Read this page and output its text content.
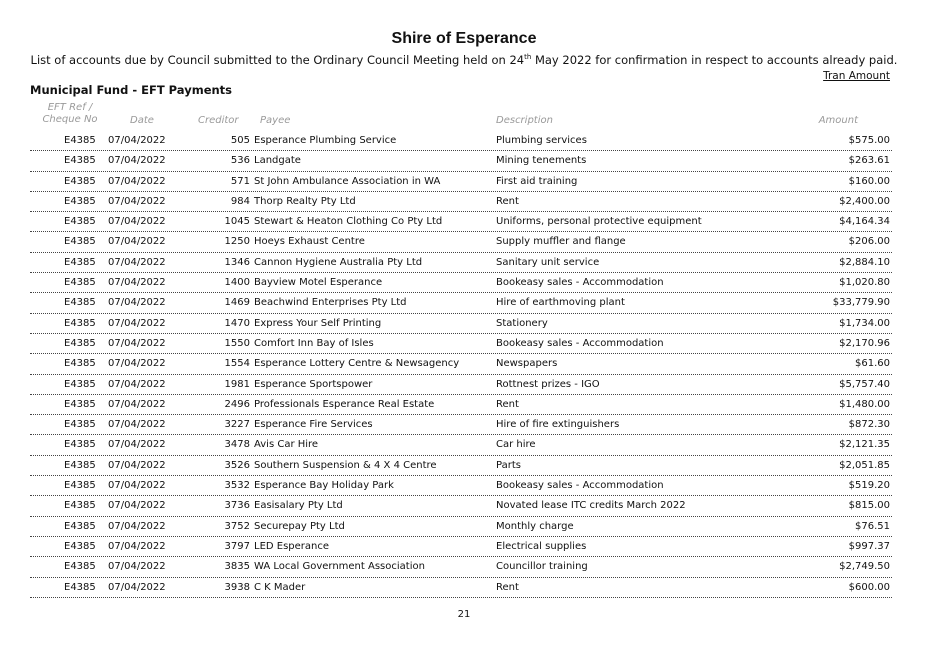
Shire of Esperance
List of accounts due by Council submitted to the Ordinary Council Meeting held on 24th May 2022 for confirmation in respect to accounts already paid.
Tran Amount
Municipal Fund - EFT Payments
EFT Ref / Cheque No	Date	Creditor Payee	Description	Amount
E4385 07/04/2022	505 Esperance Plumbing Service	Plumbing services	$575.00
E4385 07/04/2022	536 Landgate	Mining tenements	$263.61
E4385 07/04/2022	571 St John Ambulance Association in WA	First aid training	$160.00
E4385 07/04/2022	984 Thorp Realty Pty Ltd	Rent	$2,400.00
E4385 07/04/2022	1045 Stewart & Heaton Clothing Co Pty Ltd	Uniforms, personal protective equipment	$4,164.34
E4385 07/04/2022	1250 Hoeys Exhaust Centre	Supply muffler and flange	$206.00
E4385 07/04/2022	1346 Cannon Hygiene Australia Pty Ltd	Sanitary unit service	$2,884.10
E4385 07/04/2022	1400 Bayview Motel Esperance	Bookeasy sales - Accommodation	$1,020.80
E4385 07/04/2022	1469 Beachwind Enterprises Pty Ltd	Hire of earthmoving plant	$33,779.90
E4385 07/04/2022	1470 Express Your Self Printing	Stationery	$1,734.00
E4385 07/04/2022	1550 Comfort Inn Bay of Isles	Bookeasy sales - Accommodation	$2,170.96
E4385 07/04/2022	1554 Esperance Lottery Centre & Newsagency	Newspapers	$61.60
E4385 07/04/2022	1981 Esperance Sportspower	Rottnest prizes - IGO	$5,757.40
E4385 07/04/2022	2496 Professionals Esperance Real Estate	Rent	$1,480.00
E4385 07/04/2022	3227 Esperance Fire Services	Hire of fire extinguishers	$872.30
E4385 07/04/2022	3478 Avis Car Hire	Car hire	$2,121.35
E4385 07/04/2022	3526 Southern Suspension & 4 X 4 Centre	Parts	$2,051.85
E4385 07/04/2022	3532 Esperance Bay Holiday Park	Bookeasy sales - Accommodation	$519.20
E4385 07/04/2022	3736 Easisalary Pty Ltd	Novated lease ITC credits March 2022	$815.00
E4385 07/04/2022	3752 Securepay Pty Ltd	Monthly charge	$76.51
E4385 07/04/2022	3797 LED Esperance	Electrical supplies	$997.37
E4385 07/04/2022	3835 WA Local Government Association	Councillor training	$2,749.50
E4385 07/04/2022	3938 C K Mader	Rent	$600.00
21
